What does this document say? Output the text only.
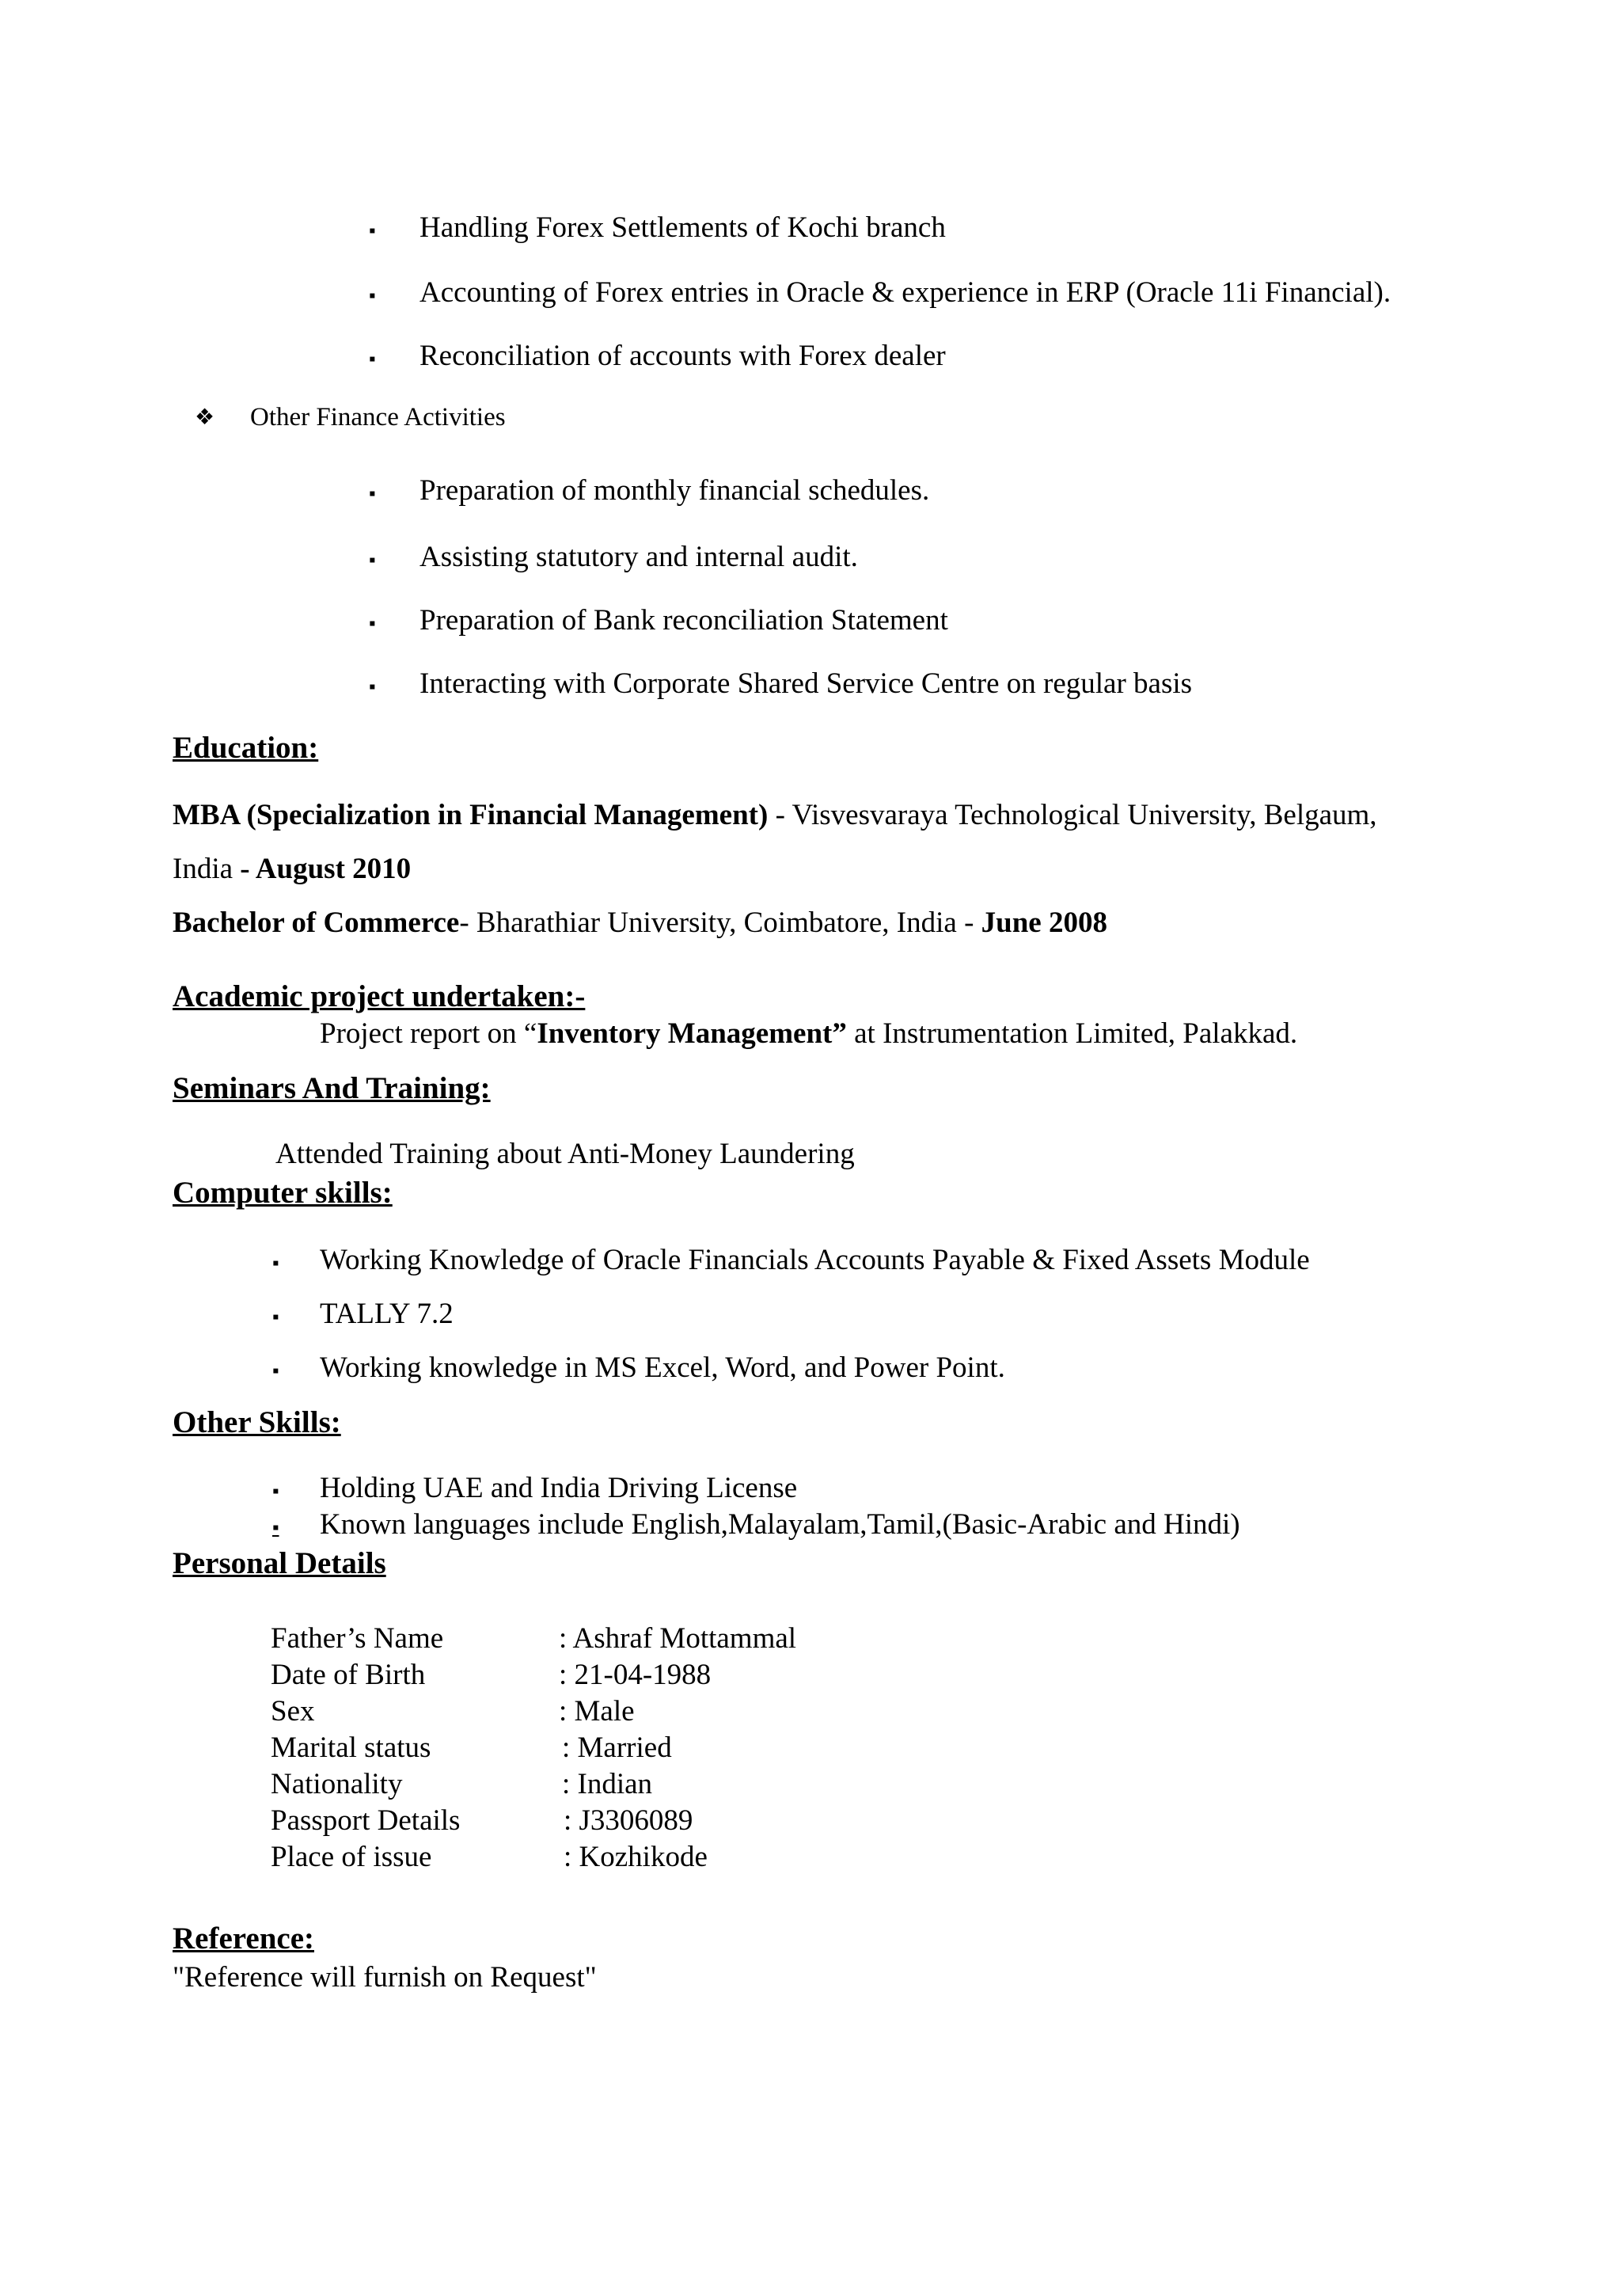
▪ Handling Forex Settlements of Kochi branch
▪ Accounting of Forex entries in Oracle & experience in ERP (Oracle 11i Financial).
▪ Reconciliation of accounts with Forex dealer
❖ Other Finance Activities
▪ Preparation of monthly financial schedules.
▪ Assisting statutory and internal audit.
▪ Preparation of Bank reconciliation Statement
▪ Interacting with Corporate Shared Service Centre on regular basis
Education:
MBA (Specialization in Financial Management) - Visvesvaraya Technological University, Belgaum,
India - August 2010
Bachelor of Commerce- Bharathiar University, Coimbatore, India - June 2008
Academic project undertaken:-
Project report on “Inventory Management” at Instrumentation Limited, Palakkad.
Seminars And Training:
Attended Training about Anti-Money Laundering
Computer skills:
▪ Working Knowledge of Oracle Financials Accounts Payable & Fixed Assets Module
▪ TALLY 7.2
▪ Working knowledge in MS Excel, Word, and Power Point.
Other Skills:
▪ Holding UAE and India Driving License
▪ Known languages include English,Malayalam,Tamil,(Basic-Arabic and Hindi)
Personal Details
Father’s Name	: Ashraf Mottammal
Date of Birth	: 21-04-1988
Sex	: Male
Marital status	: Married
Nationality	: Indian
Passport Details	: J3306089
Place of issue	: Kozhikode
Reference:
"Reference will furnish on Request"
